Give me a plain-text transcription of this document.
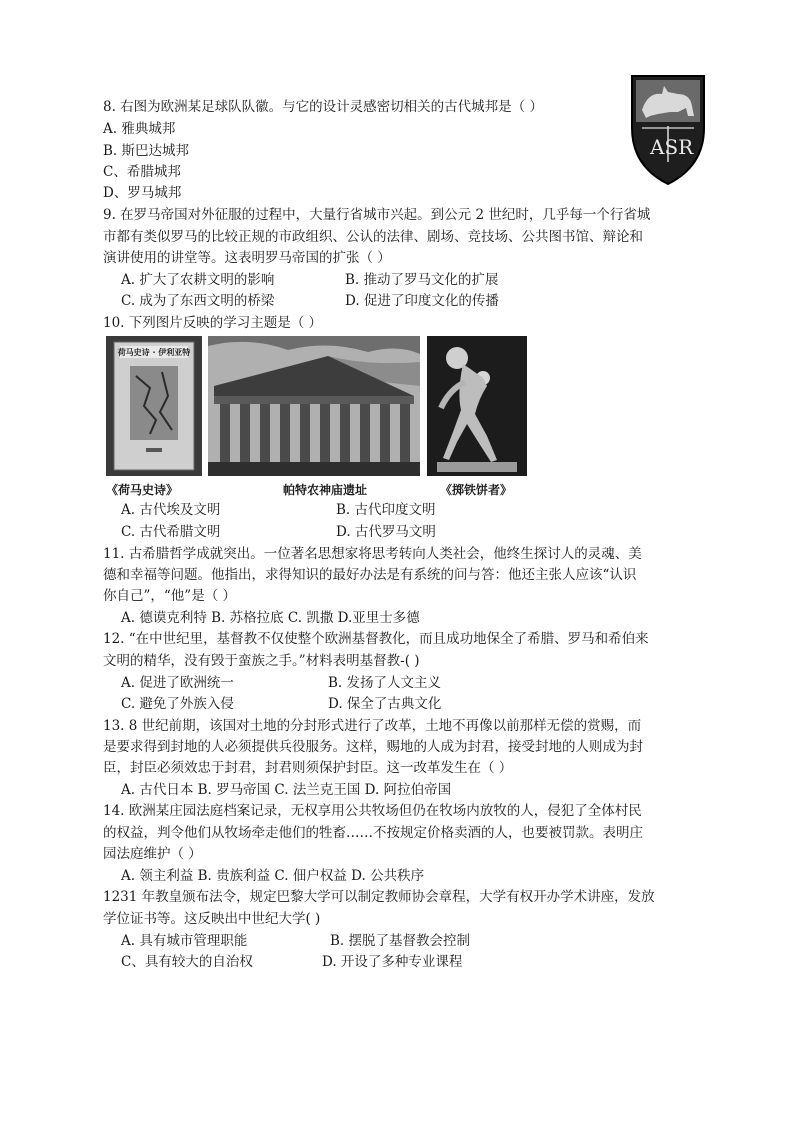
8. 右图为欧洲某足球队队徽。与它的设计灵感密切相关的古代城邦是（ ）
A. 雅典城邦
B. 斯巴达城邦
C、希腊城邦
D、罗马城邦
ASR
9. 在罗马帝国对外征服的过程中，大量行省城市兴起。到公元 2 世纪时，几乎每一个行省城
市都有类似罗马的比较正规的市政组织、公认的法律、剧场、竞技场、公共图书馆、辩论和
演讲使用的讲堂等。这表明罗马帝国的扩张（ ）
A. 扩大了农耕文明的影响	B. 推动了罗马文化的扩展
C. 成为了东西文明的桥梁	D. 促进了印度文化的传播
10. 下列图片反映的学习主题是（ ）
荷马史诗 · 伊利亚特
《荷马史诗》	帕特农神庙遗址	《掷铁饼者》
A. 古代埃及文明	B. 古代印度文明
C. 古代希腊文明	D. 古代罗马文明
11. 古希腊哲学成就突出。一位著名思想家将思考转向人类社会，他终生探讨人的灵魂、美
德和幸福等问题。他指出，求得知识的最好办法是有系统的问与答：他还主张人应该“认识
你自己”，“他”是（ ）
A. 德谟克利特 B. 苏格拉底 C. 凯撒 D.亚里士多德
12. “在中世纪里，基督教不仅使整个欧洲基督教化，而且成功地保全了希腊、罗马和希伯来
文明的精华，没有毁于蛮族之手。”材料表明基督教-( )
A. 促进了欧洲统一	B. 发扬了人文主义
C. 避免了外族入侵	D. 保全了古典文化
13. 8 世纪前期，该国对土地的分封形式进行了改革，土地不再像以前那样无偿的赏赐，而
是要求得到封地的人必须提供兵役服务。这样，赐地的人成为封君，接受封地的人则成为封
臣，封臣必须效忠于封君，封君则须保护封臣。这一改革发生在（ ）
A. 古代日本 B. 罗马帝国 C. 法兰克王国 D. 阿拉伯帝国
14. 欧洲某庄园法庭档案记录，无权享用公共牧场但仍在牧场内放牧的人，侵犯了全体村民
的权益，判令他们从牧场牵走他们的牲畜……不按规定价格卖酒的人，也要被罚款。表明庄
园法庭维护（ ）
A. 领主利益 B. 贵族利益 C. 佃户权益 D. 公共秩序
1231 年教皇颁布法令，规定巴黎大学可以制定教师协会章程，大学有权开办学术讲座，发放
学位证书等。这反映出中世纪大学( )
A. 具有城市管理职能	B. 摆脱了基督教会控制
C、具有较大的自治权	D. 开设了多种专业课程
